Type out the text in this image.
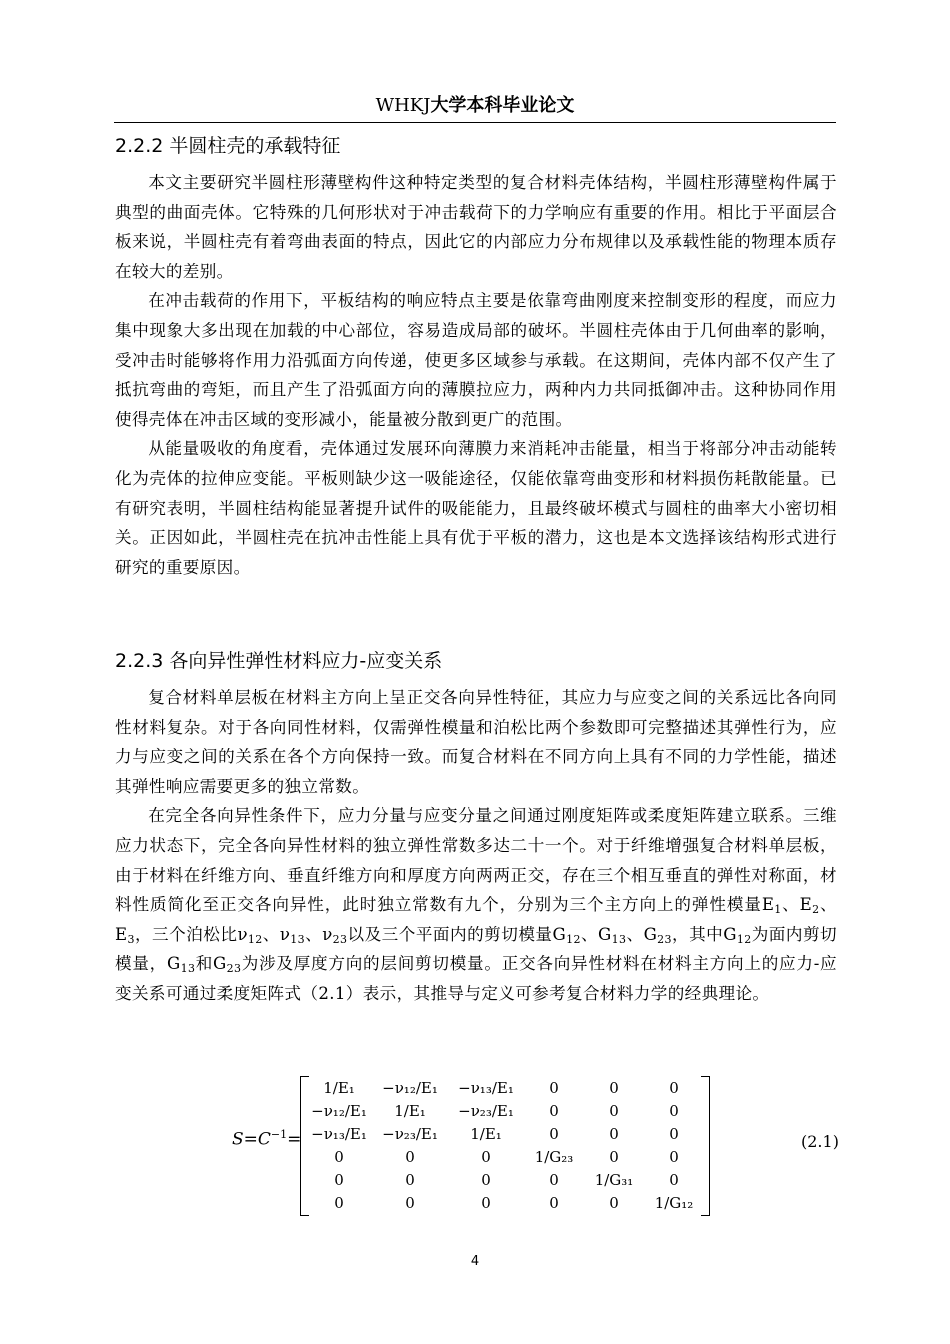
WHKJ大学本科毕业论文
2.2.2 半圆柱壳的承载特征

本文主要研究半圆柱形薄壁构件这种特定类型的复合材料壳体结构，半圆柱形薄壁构件属于典型的曲面壳体。它特殊的几何形状对于冲击载荷下的力学响应有重要的作用。相比于平面层合板来说，半圆柱壳有着弯曲表面的特点，因此它的内部应力分布规律以及承载性能的物理本质存在较大的差别。

在冲击载荷的作用下，平板结构的响应特点主要是依靠弯曲刚度来控制变形的程度，而应力集中现象大多出现在加载的中心部位，容易造成局部的破坏。半圆柱壳体由于几何曲率的影响，受冲击时能够将作用力沿弧面方向传递，使更多区域参与承载。在这期间，壳体内部不仅产生了抵抗弯曲的弯矩，而且产生了沿弧面方向的薄膜拉应力，两种内力共同抵御冲击。这种协同作用使得壳体在冲击区域的变形减小，能量被分散到更广的范围。

从能量吸收的角度看，壳体通过发展环向薄膜力来消耗冲击能量，相当于将部分冲击动能转化为壳体的拉伸应变能。平板则缺少这一吸能途径，仅能依靠弯曲变形和材料损伤耗散能量。已有研究表明，半圆柱结构能显著提升试件的吸能能力，且最终破坏模式与圆柱的曲率大小密切相关。正因如此，半圆柱壳在抗冲击性能上具有优于平板的潜力，这也是本文选择该结构形式进行研究的重要原因。

2.2.3 各向异性弹性材料应力-应变关系

复合材料单层板在材料主方向上呈正交各向异性特征，其应力与应变之间的关系远比各向同性材料复杂。对于各向同性材料，仅需弹性模量和泊松比两个参数即可完整描述其弹性行为，应力与应变之间的关系在各个方向保持一致。而复合材料在不同方向上具有不同的力学性能，描述其弹性响应需要更多的独立常数。

在完全各向异性条件下，应力分量与应变分量之间通过刚度矩阵或柔度矩阵建立联系。三维应力状态下，完全各向异性材料的独立弹性常数多达二十一个。对于纤维增强复合材料单层板，由于材料在纤维方向、垂直纤维方向和厚度方向两两正交，存在三个相互垂直的弹性对称面，材料性质简化至正交各向异性，此时独立常数有九个，分别为三个主方向上的弹性模量$E_1$、$E_2$、$E_3$，三个泊松比$\nu_{12}$、$\nu_{13}$、$\nu_{23}$以及三个平面内的剪切模量$G_{12}$、$G_{13}$、$G_{23}$，其中$G_{12}$为面内剪切模量，$G_{13}$和$G_{23}$为涉及厚度方向的层间剪切模量。正交各向异性材料在材料主方向上的应力-应变关系可通过柔度矩阵式（2.1）表示，其推导与定义可参考复合材料力学的经典理论。

$S=C^{-1}=$
1/E₁	−ν₁₂/E₁	−ν₁₃/E₁	0	0	0
−ν₁₂/E₁	1/E₁	−ν₂₃/E₁	0	0	0
−ν₁₃/E₁	−ν₂₃/E₁	1/E₁	0	0	0
0	0	0	1/G₂₃	0	0
0	0	0	0	1/G₃₁	0
0	0	0	0	0	1/G₁₂
(2.1)
4
